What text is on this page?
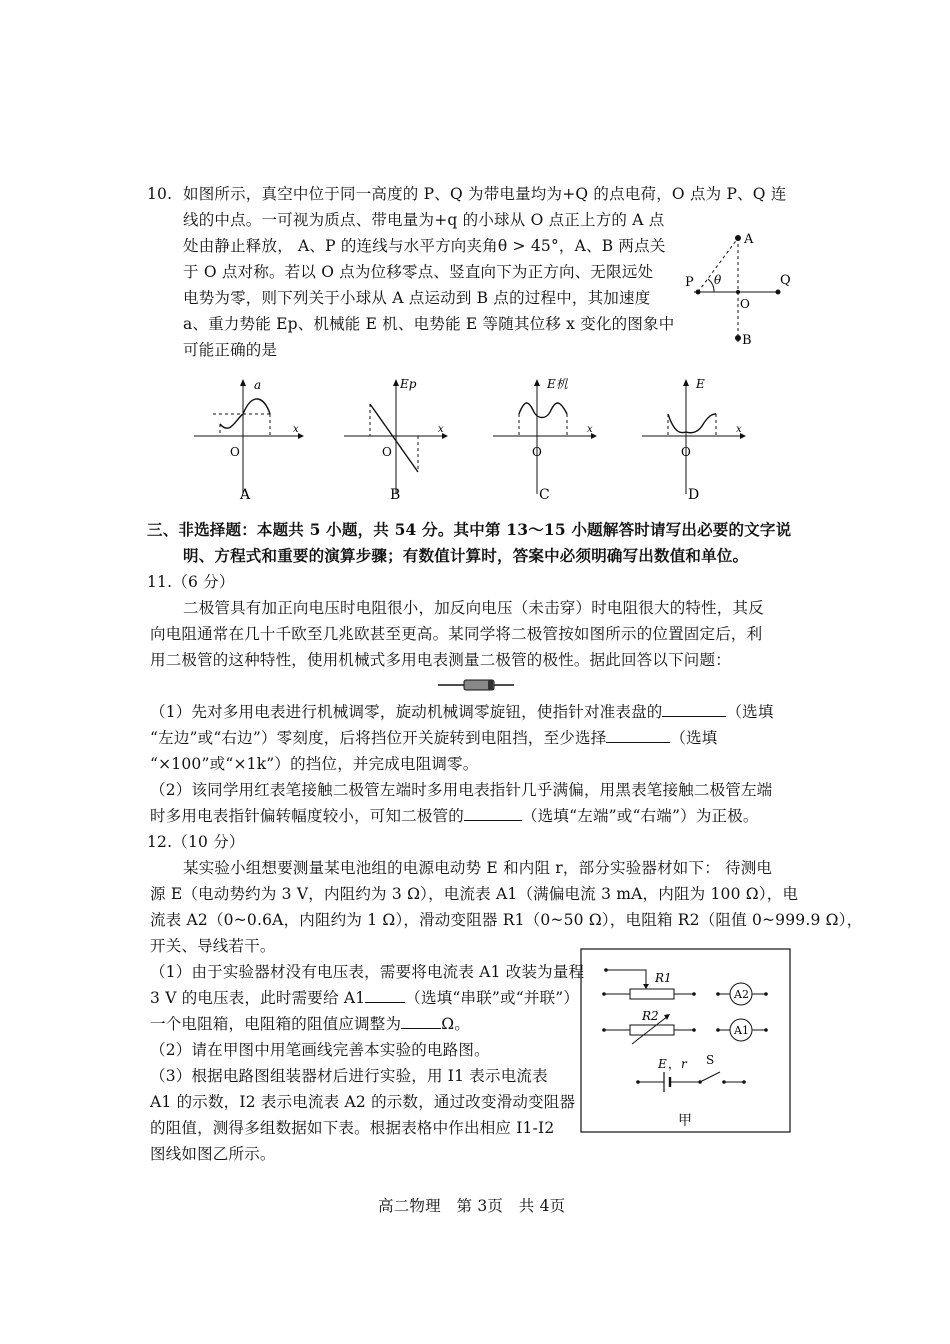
10. 如图所示，真空中位于同一高度的 P、Q 为带电量均为+Q 的点电荷，O 点为 P、Q 连
线的中点。一可视为质点、带电量为+q 的小球从 O 点正上方的 A 点
处由静止释放， A、P 的连线与水平方向夹角θ > 45°，A、B 两点关
于 O 点对称。若以 O 点为位移零点、竖直向下为正方向、无限远处
电势为零，则下列关于小球从 A 点运动到 B 点的过程中，其加速度
a、重力势能 Ep、机械能 E 机、电势能 E 等随其位移 x 变化的图象中
可能正确的是
A
P	Q
O
B
θ
a
x
O
A
Ep
x
O
B
E机
x
O
C
E
x
O
D
三、非选择题：本题共 5 小题，共 54 分。其中第 13～15 小题解答时请写出必要的文字说
明、方程式和重要的演算步骤；有数值计算时，答案中必须明确写出数值和单位。
11.（6 分）
二极管具有加正向电压时电阻很小，加反向电压（未击穿）时电阻很大的特性，其反
向电阻通常在几十千欧至几兆欧甚至更高。某同学将二极管按如图所示的位置固定后，利
用二极管的这种特性，使用机械式多用电表测量二极管的极性。据此回答以下问题：
（1）先对多用电表进行机械调零，旋动机械调零旋钮，使指针对准表盘的	（选填
“左边”或“右边”）零刻度，后将挡位开关旋转到电阻挡，至少选择	（选填
“×100”或“×1k”）的挡位，并完成电阻调零。
（2）该同学用红表笔接触二极管左端时多用电表指针几乎满偏，用黑表笔接触二极管左端
时多用电表指针偏转幅度较小，可知二极管的	（选填“左端”或“右端”）为正极。
12.（10 分）
某实验小组想要测量某电池组的电源电动势 E 和内阻 r，部分实验器材如下： 待测电
源 E（电动势约为 3 V，内阻约为 3 Ω），电流表 A1（满偏电流 3 mA，内阻为 100 Ω），电
流表 A2（0~0.6A，内阻约为 1 Ω），滑动变阻器 R1（0~50 Ω），电阻箱 R2（阻值 0~999.9 Ω），
开关、导线若干。
（1）由于实验器材没有电压表，需要将电流表 A1 改装为量程
3 V 的电压表，此时需要给 A1	（选填“串联”或“并联”）
一个电阻箱，电阻箱的阻值应调整为	Ω。
（2）请在甲图中用笔画线完善本实验的电路图。
（3）根据电路图组装器材后进行实验，用 I1 表示电流表
A1 的示数，I2 表示电流表 A2 的示数，通过改变滑动变阻器
的阻值，测得多组数据如下表。根据表格中作出相应 I1-I2
图线如图乙所示。
R1
A2
R2
A1
E ， r S
甲
高二物理　第 3页　共 4页
